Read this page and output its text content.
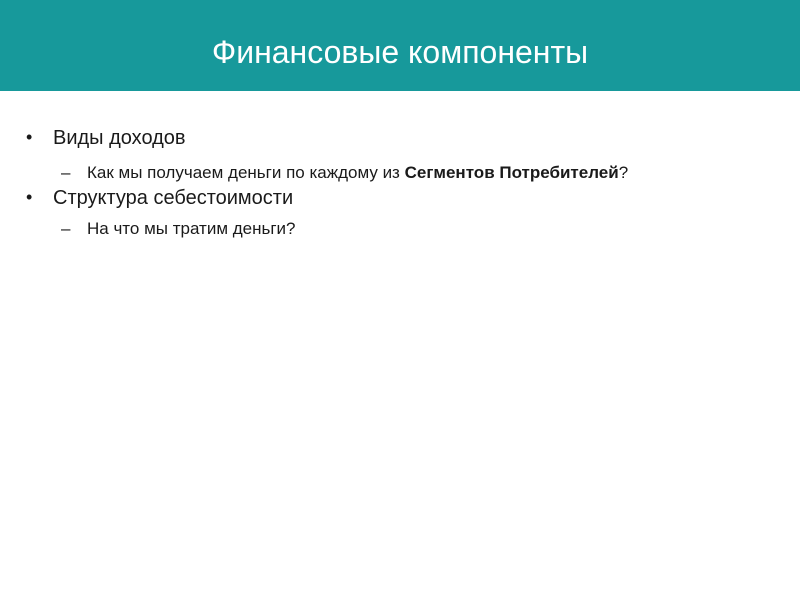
Финансовые компоненты
• Виды доходов
– Как мы получаем деньги по каждому из Сегментов Потребителей?
• Структура себестоимости
– На что мы тратим деньги?
